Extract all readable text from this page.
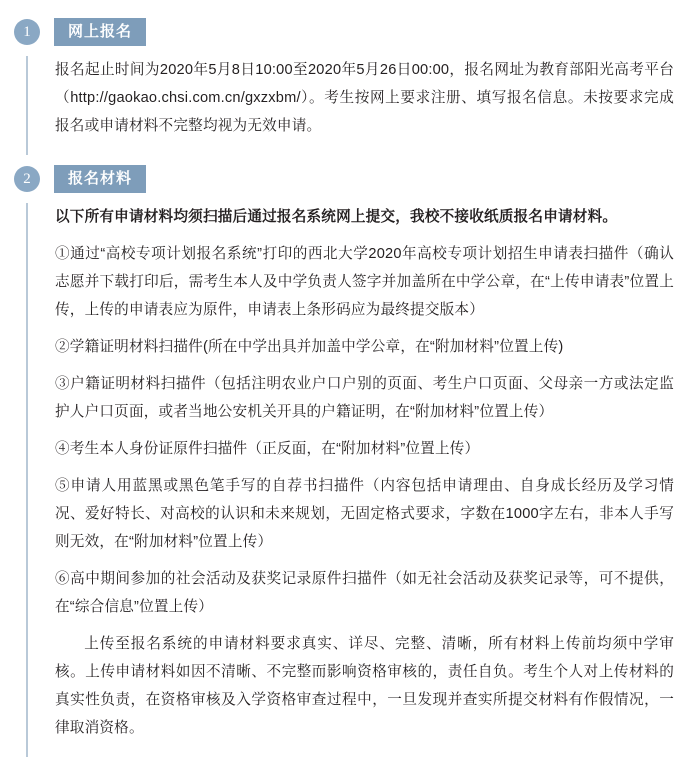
1	网上报名

报名起止时间为2020年5月8日10:00至2020年5月26日00:00，报名网址为教育部阳光高考平台（http://gaokao.chsi.com.cn/gxzxbm/）。考生按网上要求注册、填写报名信息。未按要求完成报名或申请材料不完整均视为无效申请。

2	报名材料

以下所有申请材料均须扫描后通过报名系统网上提交，我校不接收纸质报名申请材料。

①通过“高校专项计划报名系统”打印的西北大学2020年高校专项计划招生申请表扫描件（确认志愿并下载打印后，需考生本人及中学负责人签字并加盖所在中学公章，在“上传申请表”位置上传，上传的申请表应为原件，申请表上条形码应为最终提交版本）

②学籍证明材料扫描件(所在中学出具并加盖中学公章，在“附加材料”位置上传)

③户籍证明材料扫描件（包括注明农业户口户别的页面、考生户口页面、父母亲一方或法定监护人户口页面，或者当地公安机关开具的户籍证明，在“附加材料”位置上传）

④考生本人身份证原件扫描件（正反面，在“附加材料”位置上传）

⑤申请人用蓝黑或黑色笔手写的自荐书扫描件（内容包括申请理由、自身成长经历及学习情况、爱好特长、对高校的认识和未来规划，无固定格式要求，字数在1000字左右，非本人手写则无效，在“附加材料”位置上传）

⑥高中期间参加的社会活动及获奖记录原件扫描件（如无社会活动及获奖记录等，可不提供，在“综合信息”位置上传）

上传至报名系统的申请材料要求真实、详尽、完整、清晰，所有材料上传前均须中学审核。上传申请材料如因不清晰、不完整而影响资格审核的，责任自负。考生个人对上传材料的真实性负责，在资格审核及入学资格审查过程中，一旦发现并查实所提交材料有作假情况，一律取消资格。
